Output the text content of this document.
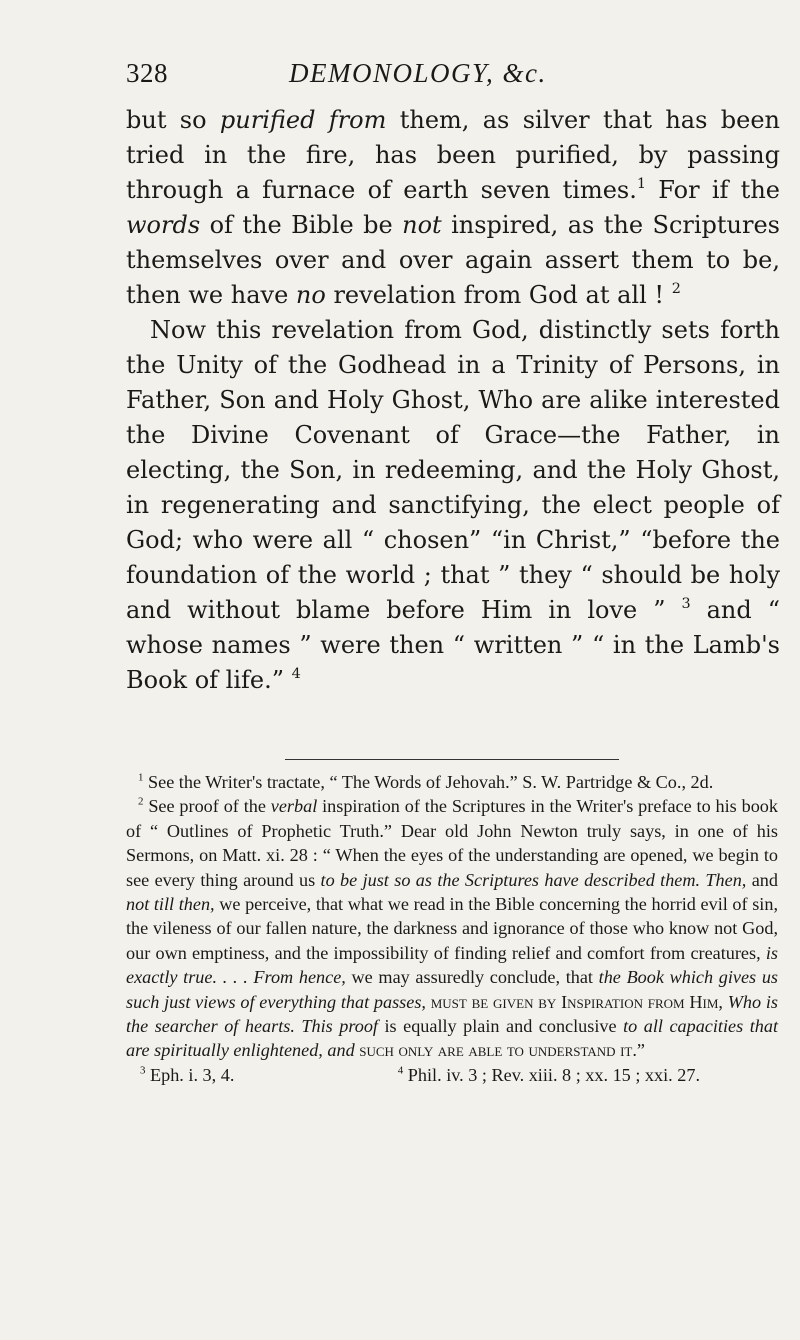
328	DEMONOLOGY, &c.

but so purified from them, as silver that has been tried in the fire, has been purified, by passing through a furnace of earth seven times.$^1$ For if the words of the Bible be not inspired, as the Scriptures themselves over and over again assert them to be, then we have no revelation from God at all ! $^2$

Now this revelation from God, distinctly sets forth the Unity of the Godhead in a Trinity of Persons, in Father, Son and Holy Ghost, Who are alike interested the Divine Covenant of Grace—the Father, in electing, the Son, in redeeming, and the Holy Ghost, in regenerating and sanctifying, the elect people of God; who were all “ chosen” “in Christ,” “before the foundation of the world ; that ” they “ should be holy and without blame before Him in love ” $^3$ and “ whose names ” were then “ written ” “ in the Lamb's Book of life.” $^4$

$^1$ See the Writer's tractate, “ The Words of Jehovah.” S. W. Partridge & Co., 2d.

$^2$ See proof of the verbal inspiration of the Scriptures in the Writer's preface to his book of “ Outlines of Prophetic Truth.” Dear old John Newton truly says, in one of his Sermons, on Matt. xi. 28 : “ When the eyes of the understanding are opened, we begin to see every thing around us to be just so as the Scriptures have described them. Then, and not till then, we perceive, that what we read in the Bible concerning the horrid evil of sin, the vileness of our fallen nature, the darkness and ignorance of those who know not God, our own emptiness, and the impossibility of finding relief and comfort from creatures, is exactly true. . . . From hence, we may assuredly conclude, that the Book which gives us such just views of everything that passes, must be given by Inspiration from Him, Who is the searcher of hearts. This proof is equally plain and conclusive to all capacities that are spiritually enlightened, and such only are able to understand it.”

$^3$ Eph. i. 3, 4.	$^4$ Phil. iv. 3 ; Rev. xiii. 8 ; xx. 15 ; xxi. 27.
